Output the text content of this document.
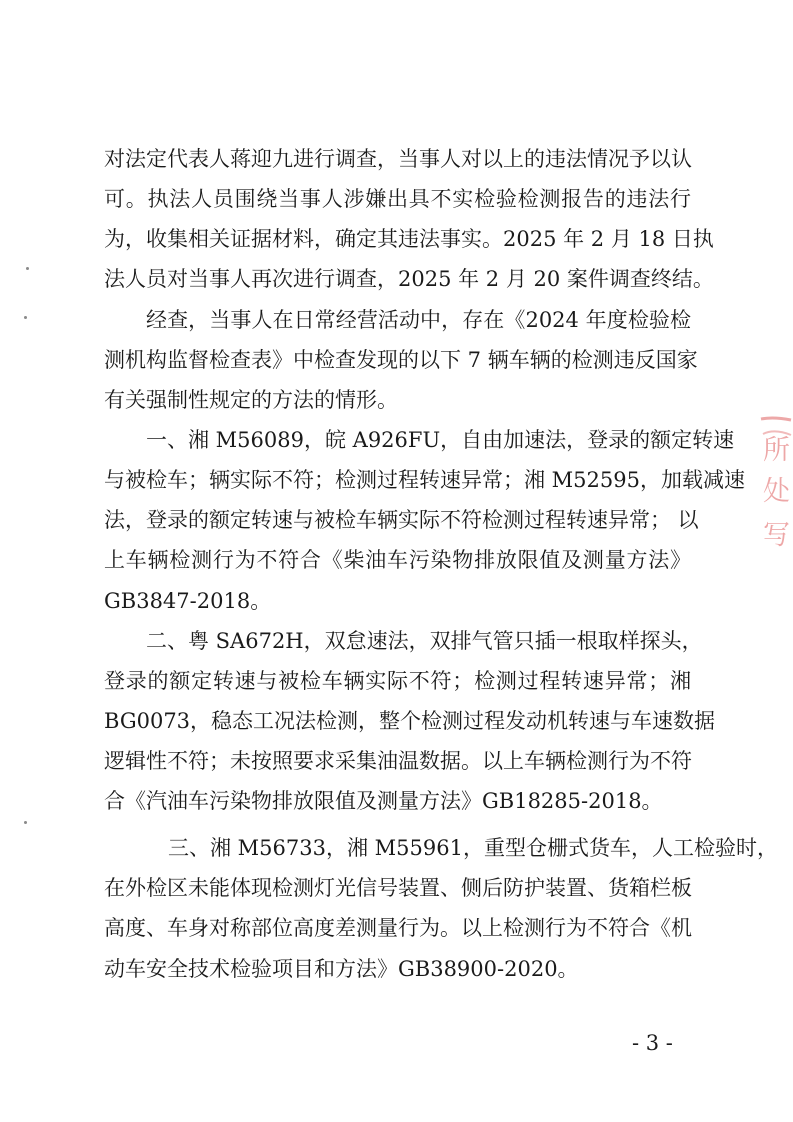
对法定代表人蒋迎九进行调查，当事人对以上的违法情况予以认
可。执法人员围绕当事人涉嫌出具不实检验检测报告的违法行
为，收集相关证据材料，确定其违法事实。2025 年 2 月 18 日执
法人员对当事人再次进行调查，2025 年 2 月 20 案件调查终结。
经查，当事人在日常经营活动中，存在《2024 年度检验检
测机构监督检查表》中检查发现的以下 7 辆车辆的检测违反国家
有关强制性规定的方法的情形。
一、湘 M56089，皖 A926FU，自由加速法，登录的额定转速
与被检车；辆实际不符；检测过程转速异常；湘 M52595，加载减速
法，登录的额定转速与被检车辆实际不符检测过程转速异常； 以
上车辆检测行为不符合《柴油车污染物排放限值及测量方法》
GB3847-2018。
二、粤 SA672H，双怠速法，双排气管只插一根取样探头，
登录的额定转速与被检车辆实际不符；检测过程转速异常；湘
BG0073，稳态工况法检测，整个检测过程发动机转速与车速数据
逻辑性不符；未按照要求采集油温数据。以上车辆检测行为不符
合《汽油车污染物排放限值及测量方法》GB18285-2018。
三、湘 M56733，湘 M55961，重型仓栅式货车，人工检验时，
在外检区未能体现检测灯光信号装置、侧后防护装置、货箱栏板
高度、车身对称部位高度差测量行为。以上检测行为不符合《机
动车安全技术检验项目和方法》GB38900-2020。
- 3 -
所
处
写
